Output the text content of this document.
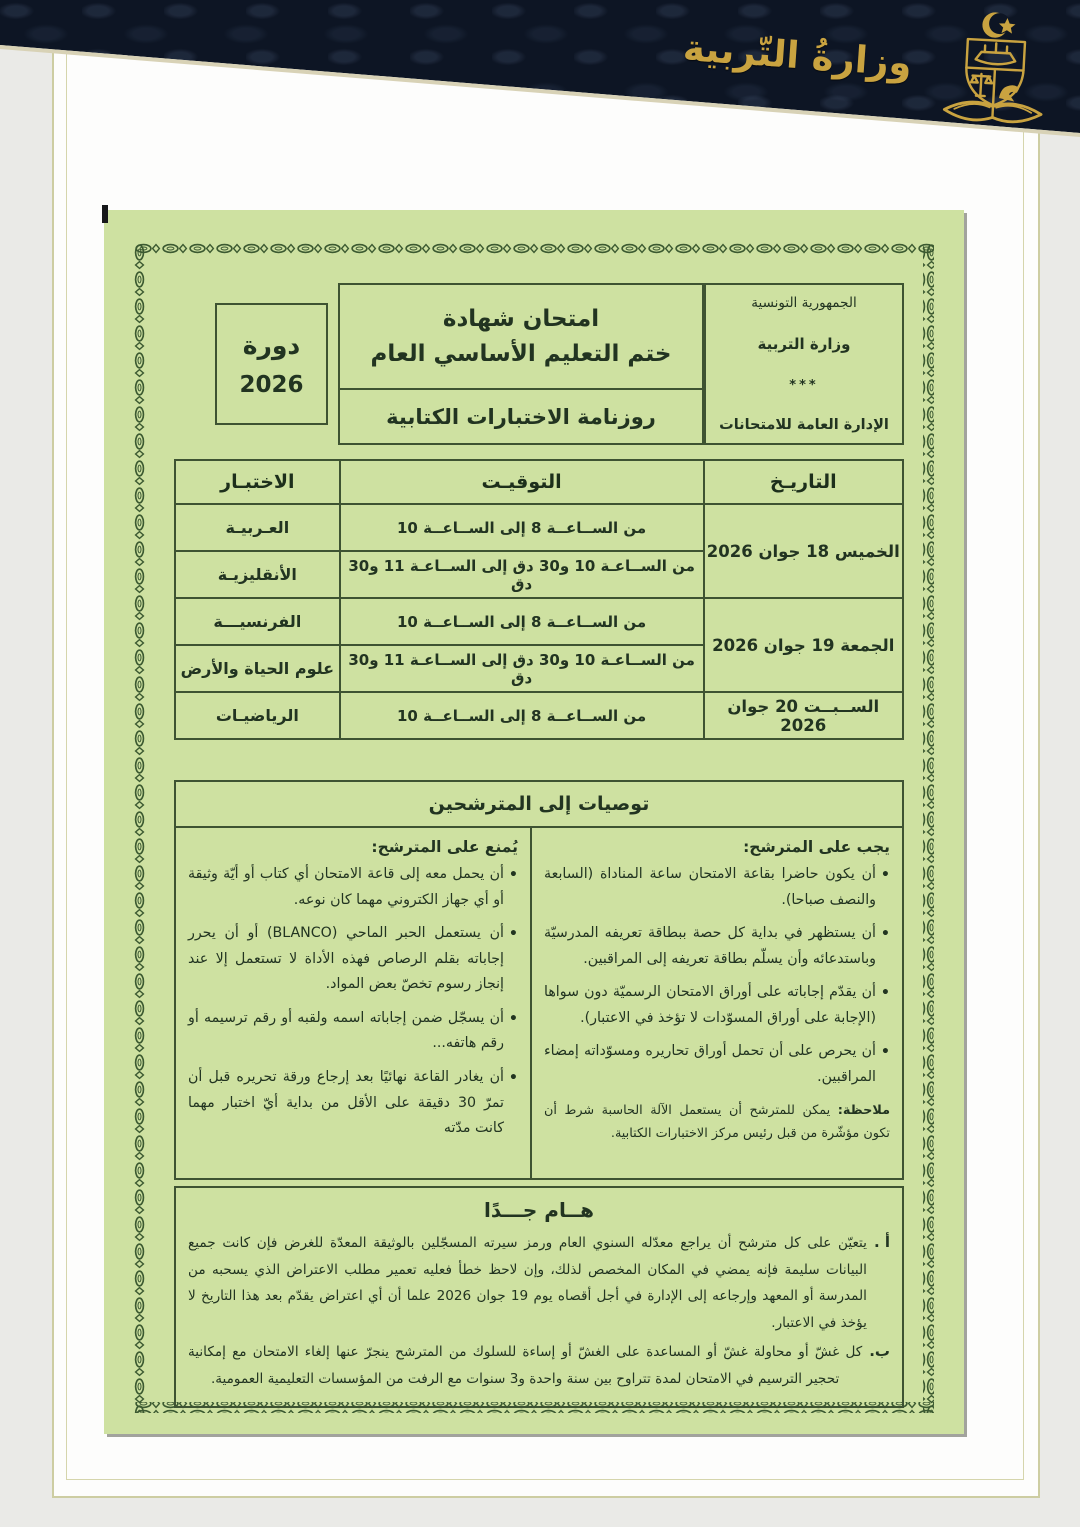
الجمهورية التونسية
وزارة التربية
***
الإدارة العامة للامتحانات
امتحان شهادة
ختم التعليم الأساسي العام
روزنامة الاختبارات الكتابية
دورة
2026
التاريـخ	التوقيـت	الاختبـار
الخميس 18 جوان 2026	من الســاعــة 8 إلى الســاعــة 10	العـربيـة
	من الســاعـة 10 و30 دق إلى الســاعـة 11 و30 دق	الأنقليزيـة
الجمعة 19 جوان 2026	من الســاعــة 8 إلى الســاعــة 10	الفرنسيـــة
	من الســاعـة 10 و30 دق إلى الســاعـة 11 و30 دق	علوم الحياة والأرض
الســبــت 20 جوان 2026	من الســاعــة 8 إلى الســاعــة 10	الرياضيـات
توصيات إلى المترشحين
يجب على المترشح:
• أن يكون حاضرا بقاعة الامتحان ساعة المناداة (السابعة والنصف صباحا).
• أن يستظهر في بداية كل حصة ببطاقة تعريفه المدرسيّة وباستدعائه وأن يسلّم بطاقة تعريفه إلى المراقبين.
• أن يقدّم إجاباته على أوراق الامتحان الرسميّة دون سواها (الإجابة على أوراق المسوّدات لا تؤخذ في الاعتبار).
• أن يحرص على أن تحمل أوراق تحاريره ومسوّداته إمضاء المراقبين.
ملاحظة: يمكن للمترشح أن يستعمل الآلة الحاسبة شرط أن تكون مؤشّرة من قبل رئيس مركز الاختبارات الكتابية.
يُمنع على المترشح:
• أن يحمل معه إلى قاعة الامتحان أي كتاب أو أيّة وثيقة أو أي جهاز الكتروني مهما كان نوعه.
• أن يستعمل الحبر الماحي (BLANCO) أو أن يحرر إجاباته بقلم الرصاص فهذه الأداة لا تستعمل إلا عند إنجاز رسوم تخصّ بعض المواد.
• أن يسجّل ضمن إجاباته اسمه ولقبه أو رقم ترسيمه أو رقم هاتفه...
• أن يغادر القاعة نهائيًا بعد إرجاع ورقة تحريره قبل أن تمرّ 30 دقيقة على الأقل من بداية أيّ اختبار مهما كانت مدّته
هــام جـــدًا
أ .
يتعيّن على كل مترشح أن يراجع معدّله السنوي العام ورمز سيرته المسجّلين بالوثيقة المعدّة للغرض فإن كانت جميع البيانات سليمة فإنه يمضي في المكان المخصص لذلك، وإن لاحظ خطأ فعليه تعمير مطلب الاعتراض الذي يسحبه من المدرسة أو المعهد وإرجاعه إلى الإدارة في أجل أقصاه يوم 19 جوان 2026 علما أن أي اعتراض يقدّم بعد هذا التاريخ لا يؤخذ في الاعتبار.
ب.
كل غشّ أو محاولة غشّ أو المساعدة على الغشّ أو إساءة للسلوك من المترشح ينجرّ عنها إلغاء الامتحان مع إمكانية تحجير الترسيم في الامتحان لمدة تتراوح بين سنة واحدة و3 سنوات مع الرفت من المؤسسات التعليمية العمومية.
وزارةُ التّربية
